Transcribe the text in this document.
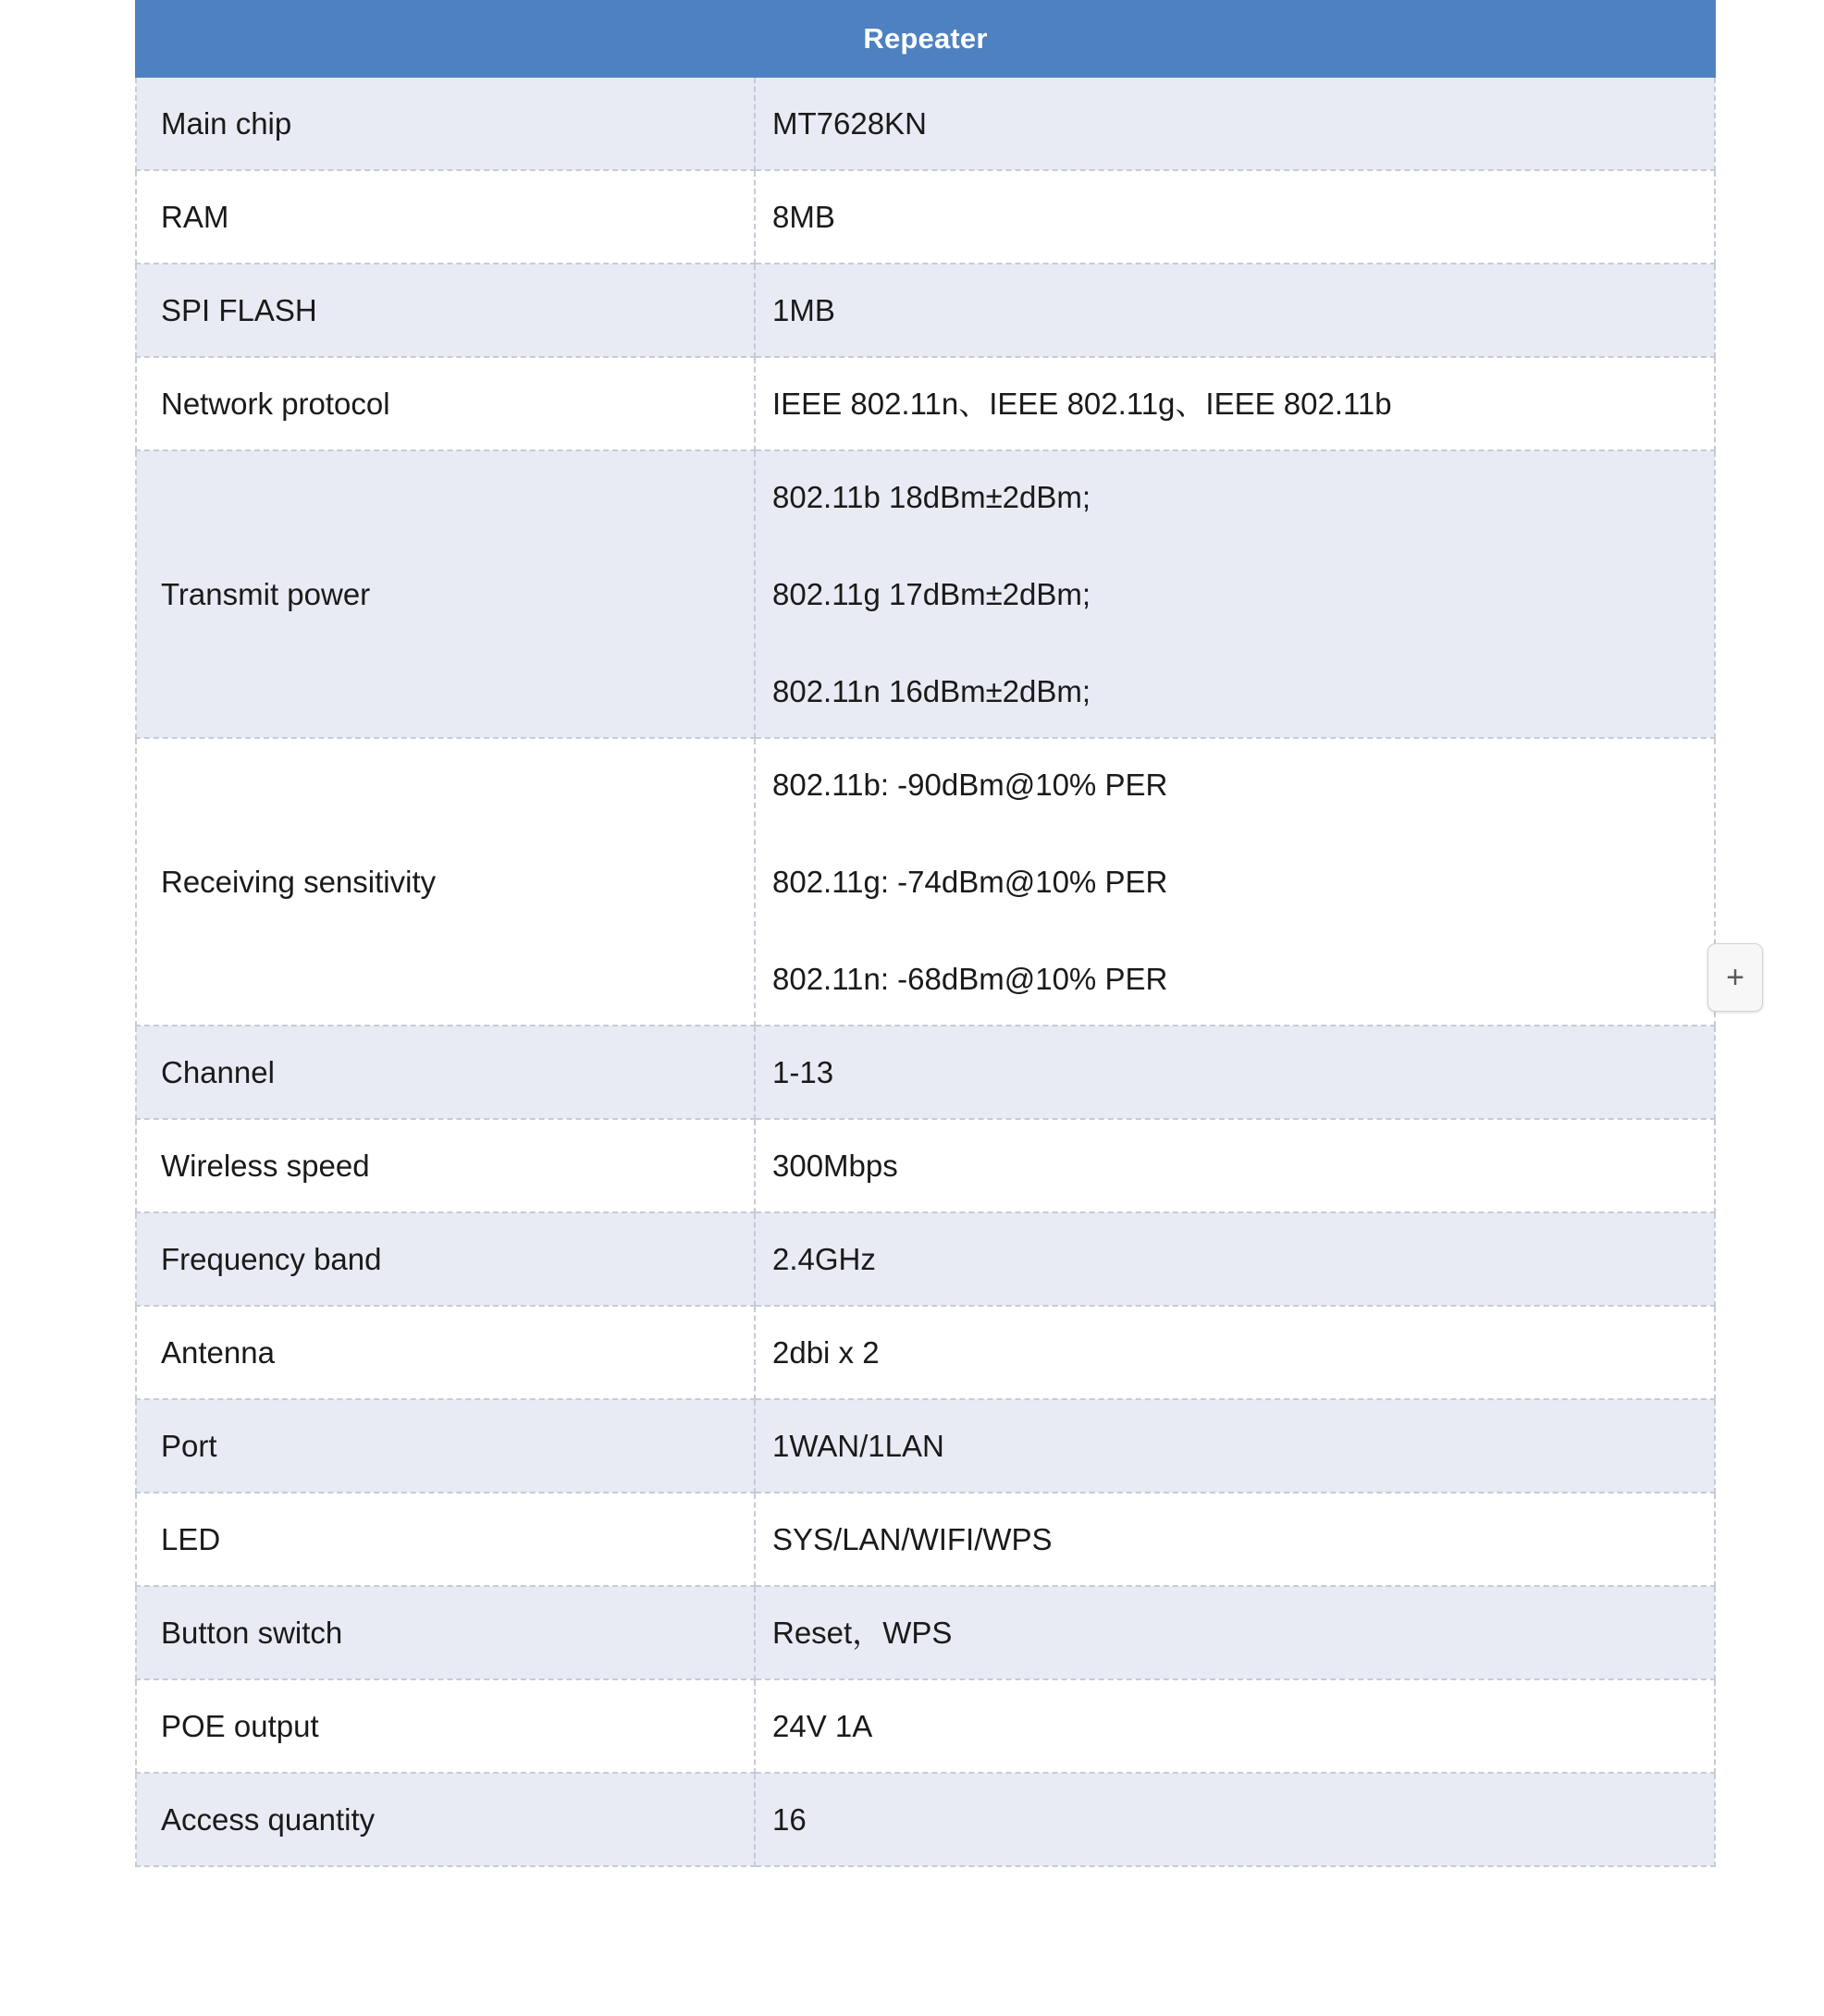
Repeater
Main chip	MT7628KN

RAM	8MB

SPI FLASH	1MB

Network protocol	IEEE 802.11n、IEEE 802.11g、IEEE 802.11b

Transmit power	802.11b 18dBm±2dBm;
802.11g 17dBm±2dBm;
802.11n 16dBm±2dBm;

Receiving sensitivity	802.11b: -90dBm@10% PER
802.11g: -74dBm@10% PER
802.11n: -68dBm@10% PER

Channel	1-13

Wireless speed	300Mbps

Frequency band	2.4GHz

Antenna	2dbi x 2

Port	1WAN/1LAN

LED	SYS/LAN/WIFI/WPS

Button switch	Reset，WPS

POE output	24V 1A

Access quantity	16
+
